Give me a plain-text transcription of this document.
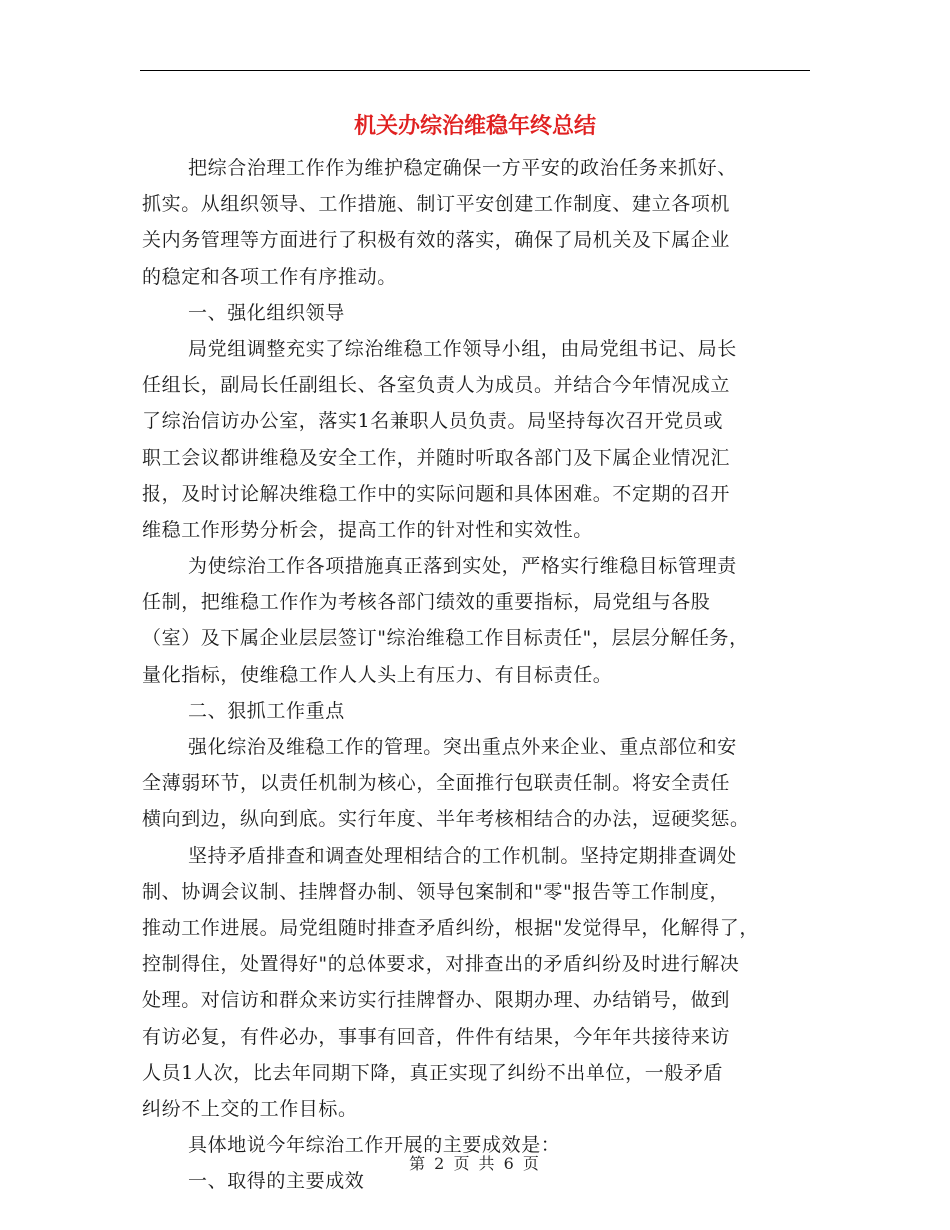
机关办综治维稳年终总结
把综合治理工作作为维护稳定确保一方平安的政治任务来抓好、
抓实。从组织领导、工作措施、制订平安创建工作制度、建立各项机
关内务管理等方面进行了积极有效的落实，确保了局机关及下属企业
的稳定和各项工作有序推动。
一、强化组织领导
局党组调整充实了综治维稳工作领导小组，由局党组书记、局长
任组长，副局长任副组长、各室负责人为成员。并结合今年情况成立
了综治信访办公室，落实1名兼职人员负责。局坚持每次召开党员或
职工会议都讲维稳及安全工作，并随时听取各部门及下属企业情况汇
报，及时讨论解决维稳工作中的实际问题和具体困难。不定期的召开
维稳工作形势分析会，提高工作的针对性和实效性。
为使综治工作各项措施真正落到实处，严格实行维稳目标管理责
任制，把维稳工作作为考核各部门绩效的重要指标，局党组与各股
（室）及下属企业层层签订"综治维稳工作目标责任"，层层分解任务，
量化指标，使维稳工作人人头上有压力、有目标责任。
二、狠抓工作重点
强化综治及维稳工作的管理。突出重点外来企业、重点部位和安
全薄弱环节，以责任机制为核心，全面推行包联责任制。将安全责任
横向到边，纵向到底。实行年度、半年考核相结合的办法，逗硬奖惩。
坚持矛盾排查和调查处理相结合的工作机制。坚持定期排查调处
制、协调会议制、挂牌督办制、领导包案制和"零"报告等工作制度，
推动工作进展。局党组随时排查矛盾纠纷，根据"发觉得早，化解得了，
控制得住，处置得好"的总体要求，对排查出的矛盾纠纷及时进行解决
处理。对信访和群众来访实行挂牌督办、限期办理、办结销号，做到
有访必复，有件必办，事事有回音，件件有结果，今年年共接待来访
人员1人次，比去年同期下降，真正实现了纠纷不出单位，一般矛盾
纠纷不上交的工作目标。
具体地说今年综治工作开展的主要成效是：
一、取得的主要成效
第 2 页 共 6 页
